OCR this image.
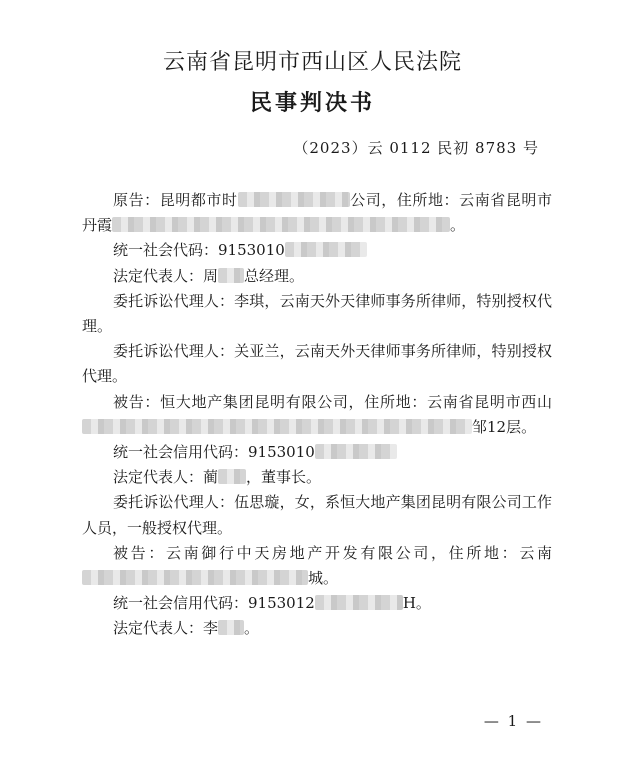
云南省昆明市西山区人民法院
民事判决书
（2023）云 0112 民初 8783 号

原告：昆明都市时	公司，住所地：云南省昆明市丹霞	。

统一社会代码：9153010

法定代表人：周 总经理。

委托诉讼代理人：李琪，云南天外天律师事务所律师，特别授权代理。

委托诉讼代理人：关亚兰，云南天外天律师事务所律师，特别授权代理。

被告：恒大地产集团昆明有限公司，住所地：云南省昆明市西山邹12层。

统一社会信用代码：9153010

法定代表人：蔺 ，董事长。

委托诉讼代理人：伍思璇，女，系恒大地产集团昆明有限公司工作人员，一般授权代理。

被告：云南御行中天房地产开发有限公司，住所地：云南城。

统一社会信用代码：9153012	H。

法定代表人：李 。

— 1 —
